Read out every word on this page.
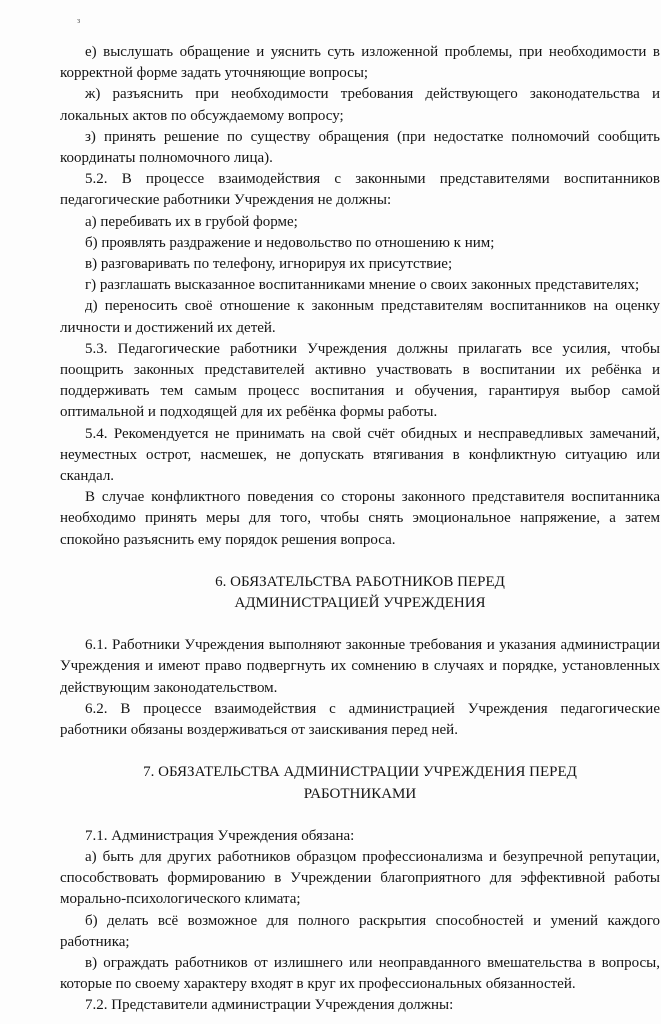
з

е) выслушать обращение и уяснить суть изложенной проблемы, при необходимости в корректной форме задать уточняющие вопросы;

ж) разъяснить при необходимости требования действующего законодательства и локальных актов по обсуждаемому вопросу;

з) принять решение по существу обращения (при недостатке полномочий сообщить координаты полномочного лица).

5.2. В процессе взаимодействия с законными представителями воспитанников педагогические работники Учреждения не должны:

а) перебивать их в грубой форме;

б) проявлять раздражение и недовольство по отношению к ним;

в) разговаривать по телефону, игнорируя их присутствие;

г) разглашать высказанное воспитанниками мнение о своих законных представителях;

д) переносить своё отношение к законным представителям воспитанников на оценку личности и достижений их детей.

5.3. Педагогические работники Учреждения должны прилагать все усилия, чтобы поощрить законных представителей активно участвовать в воспитании их ребёнка и поддерживать тем самым процесс воспитания и обучения, гарантируя выбор самой оптимальной и подходящей для их ребёнка формы работы.

5.4. Рекомендуется не принимать на свой счёт обидных и несправедливых замечаний, неуместных острот, насмешек, не допускать втягивания в конфликтную ситуацию или скандал.

В случае конфликтного поведения со стороны законного представителя воспитанника необходимо принять меры для того, чтобы снять эмоциональное напряжение, а затем спокойно разъяснить ему порядок решения вопроса.

6. ОБЯЗАТЕЛЬСТВА РАБОТНИКОВ ПЕРЕД

АДМИНИСТРАЦИЕЙ УЧРЕЖДЕНИЯ

6.1. Работники Учреждения выполняют законные требования и указания администрации Учреждения и имеют право подвергнуть их сомнению в случаях и порядке, установленных действующим законодательством.

6.2. В процессе взаимодействия с администрацией Учреждения педагогические работники обязаны воздерживаться от заискивания перед ней.

7. ОБЯЗАТЕЛЬСТВА АДМИНИСТРАЦИИ УЧРЕЖДЕНИЯ ПЕРЕД

РАБОТНИКАМИ

7.1. Администрация Учреждения обязана:

а) быть для других работников образцом профессионализма и безупречной репутации, способствовать формированию в Учреждении благоприятного для эффективной работы морально-психологического климата;

б) делать всё возможное для полного раскрытия способностей и умений каждого работника;

в) ограждать работников от излишнего или неоправданного вмешательства в вопросы, которые по своему характеру входят в круг их профессиональных обязанностей.

7.2. Представители администрации Учреждения должны:
